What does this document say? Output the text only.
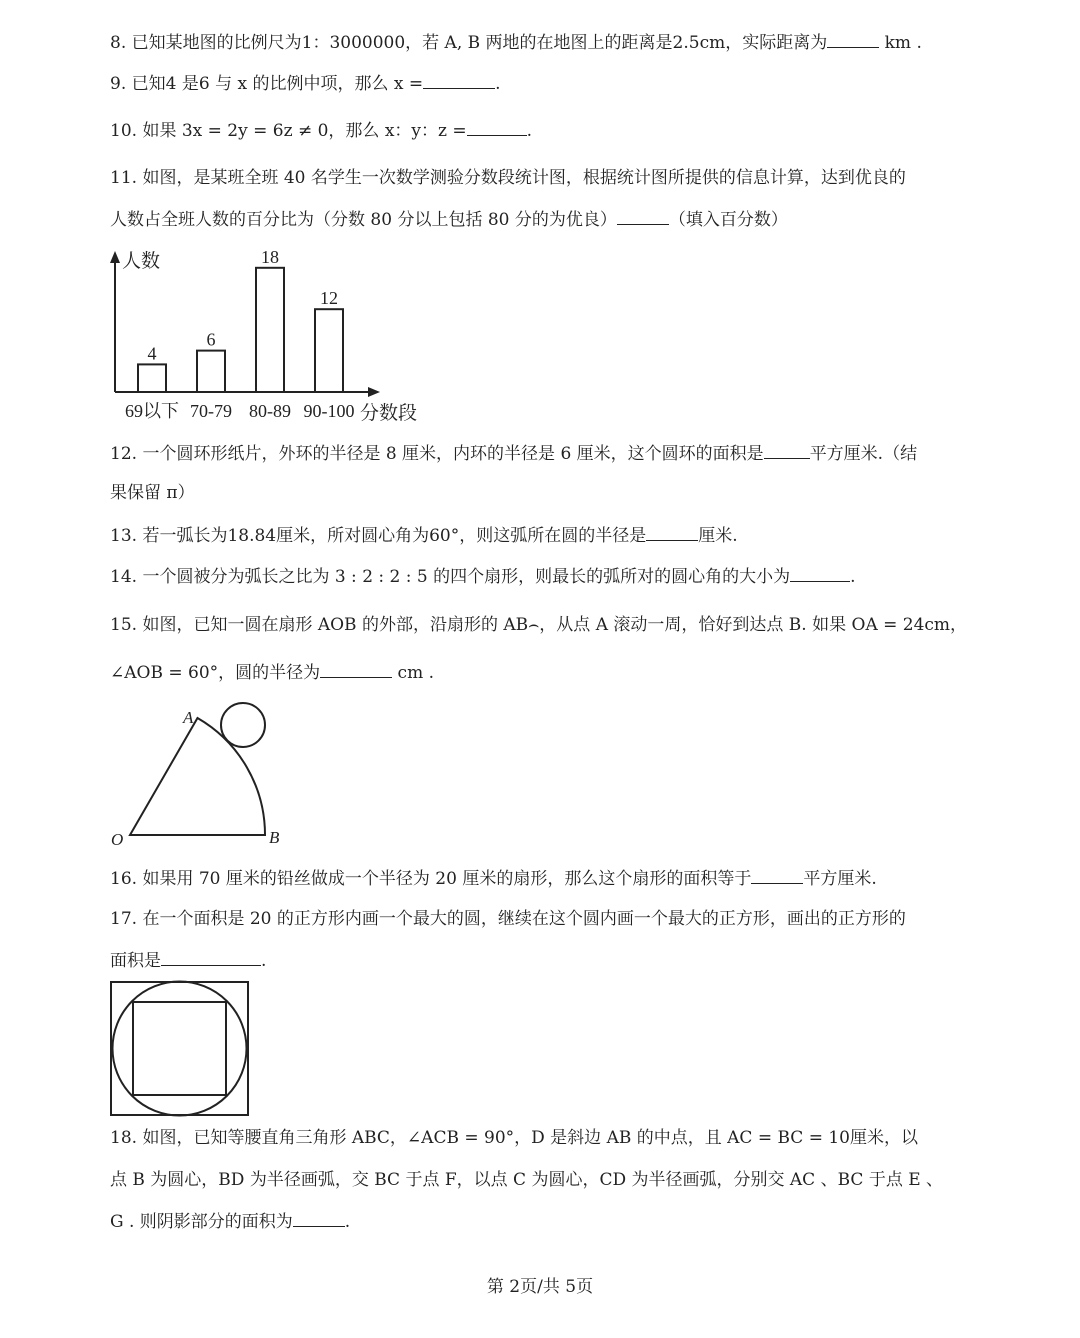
8. 已知某地图的比例尺为1：3000000，若 A, B 两地的在地图上的距离是2.5cm，实际距离为	km .
9. 已知4 是6 与 x 的比例中项，那么 x =	.
10. 如果 3x = 2y = 6z ≠ 0，那么 x：y：z =	.
11. 如图，是某班全班 40 名学生一次数学测验分数段统计图，根据统计图所提供的信息计算，达到优良的
人数占全班人数的百分比为（分数 80 分以上包括 80 分的为优良）	（填入百分数）
人数
分数段
4
69以下
6
70-79
18
80-89
12
90-100
12. 一个圆环形纸片，外环的半径是 8 厘米，内环的半径是 6 厘米，这个圆环的面积是	平方厘米.（结
果保留 π）
13. 若一弧长为18.84厘米，所对圆心角为60°，则这弧所在圆的半径是	厘米.
14. 一个圆被分为弧长之比为 3 : 2 : 2 : 5 的四个扇形，则最长的弧所对的圆心角的大小为	.
15. 如图，已知一圆在扇形 AOB 的外部，沿扇形的 AB⌢，从点 A 滚动一周，恰好到达点 B. 如果 OA = 24cm，
∠AOB = 60°，圆的半径为	cm .
A
O	B
16. 如果用 70 厘米的铅丝做成一个半径为 20 厘米的扇形，那么这个扇形的面积等于	平方厘米.
17. 在一个面积是 20 的正方形内画一个最大的圆，继续在这个圆内画一个最大的正方形，画出的正方形的
面积是	.
18. 如图，已知等腰直角三角形 ABC，∠ACB = 90°，D 是斜边 AB 的中点，且 AC = BC = 10厘米，以
点 B 为圆心，BD 为半径画弧，交 BC 于点 F，以点 C 为圆心，CD 为半径画弧，分别交 AC 、BC 于点 E 、
G . 则阴影部分的面积为	.
第 2页/共 5页
